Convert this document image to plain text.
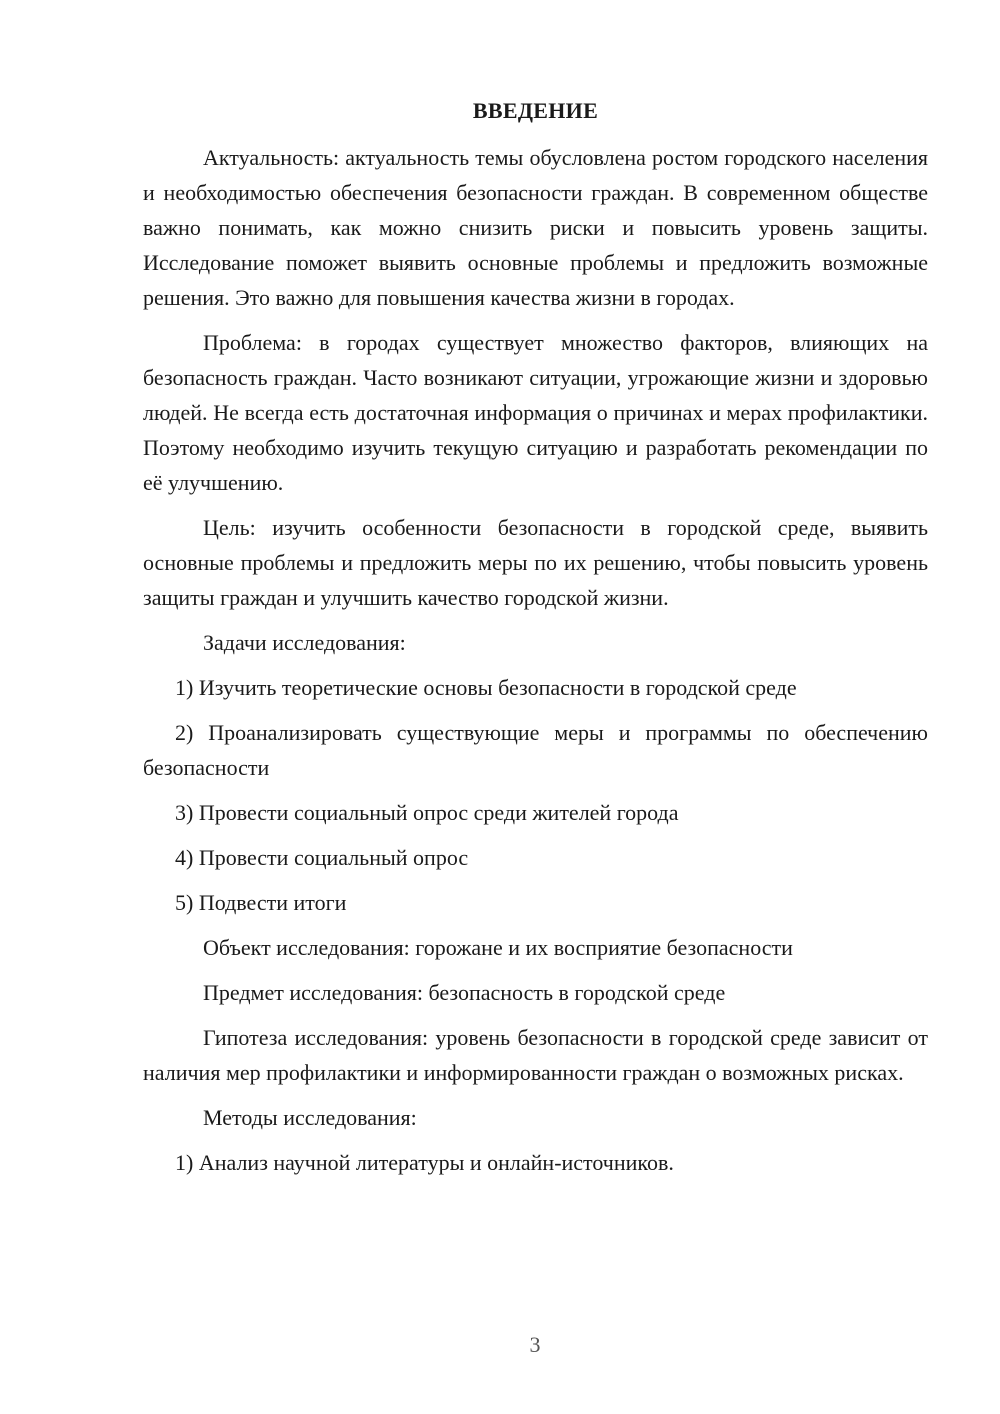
ВВЕДЕНИЕ

Актуальность: актуальность темы обусловлена ростом городского населения и необходимостью обеспечения безопасности граждан. В современном обществе важно понимать, как можно снизить риски и повысить уровень защиты. Исследование поможет выявить основные проблемы и предложить возможные решения. Это важно для повышения качества жизни в городах.

Проблема: в городах существует множество факторов, влияющих на безопасность граждан. Часто возникают ситуации, угрожающие жизни и здоровью людей. Не всегда есть достаточная информация о причинах и мерах профилактики. Поэтому необходимо изучить текущую ситуацию и разработать рекомендации по её улучшению.

Цель: изучить особенности безопасности в городской среде, выявить основные проблемы и предложить меры по их решению, чтобы повысить уровень защиты граждан и улучшить качество городской жизни.

Задачи исследования:
1) Изучить теоретические основы безопасности в городской среде
2) Проанализировать существующие меры и программы по обеспечению безопасности
3) Провести социальный опрос среди жителей города
4) Провести социальный опрос
5) Подвести итоги
Объект исследования: горожане и их восприятие безопасности
Предмет исследования: безопасность в городской среде

Гипотеза исследования: уровень безопасности в городской среде зависит от наличия мер профилактики и информированности граждан о возможных рисках.

Методы исследования:
1) Анализ научной литературы и онлайн-источников.
3
